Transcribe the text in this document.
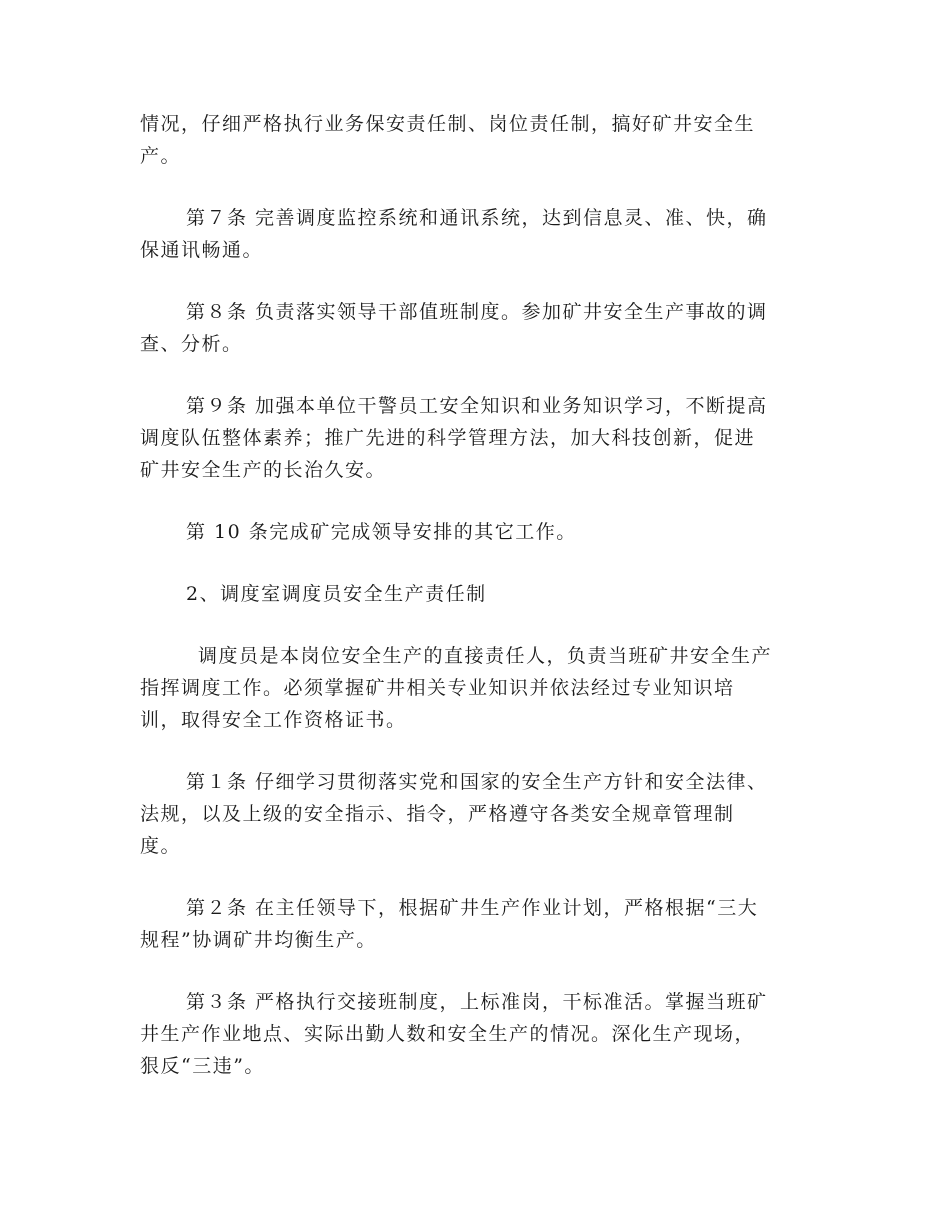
情况，仔细严格执行业务保安责任制、岗位责任制，搞好矿井安全生
产。
第７条 完善调度监控系统和通讯系统，达到信息灵、准、快，确
保通讯畅通。
第８条 负责落实领导干部值班制度。参加矿井安全生产事故的调
查、分析。
第９条 加强本单位干警员工安全知识和业务知识学习，不断提高
调度队伍整体素养；推广先进的科学管理方法，加大科技创新，促进
矿井安全生产的长治久安。
第 10 条完成矿完成领导安排的其它工作。
2、调度室调度员安全生产责任制
调度员是本岗位安全生产的直接责任人，负责当班矿井安全生产
指挥调度工作。必须掌握矿井相关专业知识并依法经过专业知识培
训，取得安全工作资格证书。
第１条 仔细学习贯彻落实党和国家的安全生产方针和安全法律、
法规，以及上级的安全指示、指令，严格遵守各类安全规章管理制
度。
第２条 在主任领导下，根据矿井生产作业计划，严格根据“三大
规程”协调矿井均衡生产。
第３条 严格执行交接班制度，上标准岗，干标准活。掌握当班矿
井生产作业地点、实际出勤人数和安全生产的情况。深化生产现场，
狠反“三违”。
